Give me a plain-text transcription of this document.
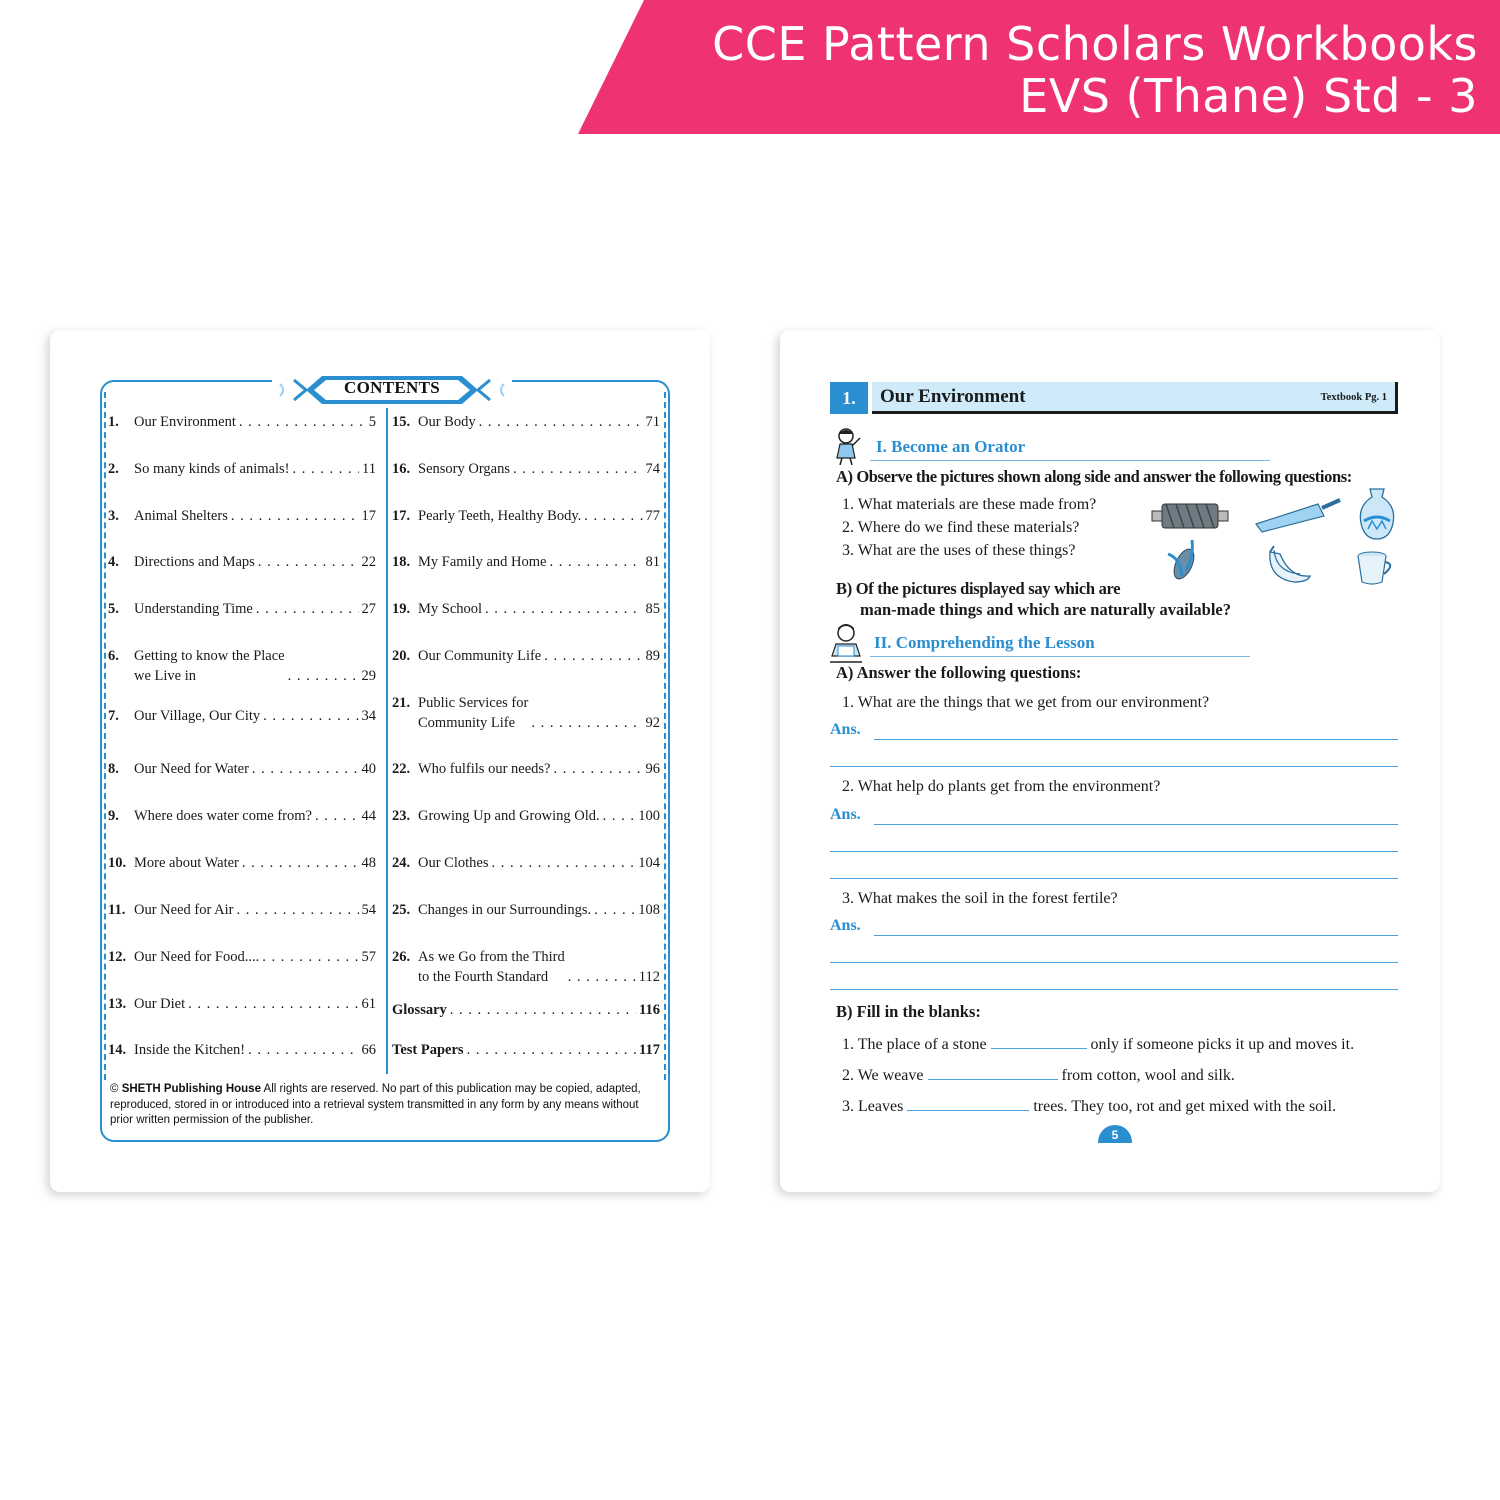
CCE Pattern Scholars Workbooks
EVS (Thane) Std - 3
CONTENTS
1.	Our Environment . . .	5
2.	So many kinds of animals! . . .	11
3.	Animal Shelters . . .	17
4.	Directions and Maps . . .	22
5.	Understanding Time . . .	27
6.	Getting to know the Place
we Live in . . .	29
7.	Our Village, Our City . . .	34
8.	Our Need for Water . . .	40
9.	Where does water come from? . . .	44
10. More about Water . . .	48
11. Our Need for Air . . .	54
12. Our Need for Food.... . . .	57
13. Our Diet . . .	61
14. Inside the Kitchen! . . .	66
15. Our Body . . .	71
16. Sensory Organs . . .	74
17. Pearly Teeth, Healthy Body. . . .	77
18. My Family and Home . . .	81
19. My School . . .	85
20. Our Community Life . . .	89
21. Public Services for
Community Life . . .	92
22. Who fulfils our needs? . . .	96
23. Growing Up and Growing Old. . . .	100
24. Our Clothes . . .	104
25. Changes in our Surroundings. . . .	108
26. As we Go from the Third
to the Fourth Standard . . .	112
Glossary . . .	116
Test Papers . . .	117
© SHETH Publishing House All rights are reserved. No part of this publication may be copied, adapted, reproduced, stored in or introduced into a retrieval system transmitted in any form by any means without prior written permission of the publisher.
1.	Our Environment	Textbook Pg. 1
I. Become an Orator
A) Observe the pictures shown along side and answer the following questions:
1. What materials are these made from?
2. Where do we find these materials?
3. What are the uses of these things?
B) Of the pictures displayed say which are
man-made things and which are naturally available?
II. Comprehending the Lesson
A) Answer the following questions:
1. What are the things that we get from our environment?
Ans.
2. What help do plants get from the environment?
Ans.
3. What makes the soil in the forest fertile?
Ans.
B) Fill in the blanks:
1. The place of a stone	only if someone picks it up and moves it.
2. We weave	from cotton, wool and silk.
3. Leaves	trees. They too, rot and get mixed with the soil.
5
